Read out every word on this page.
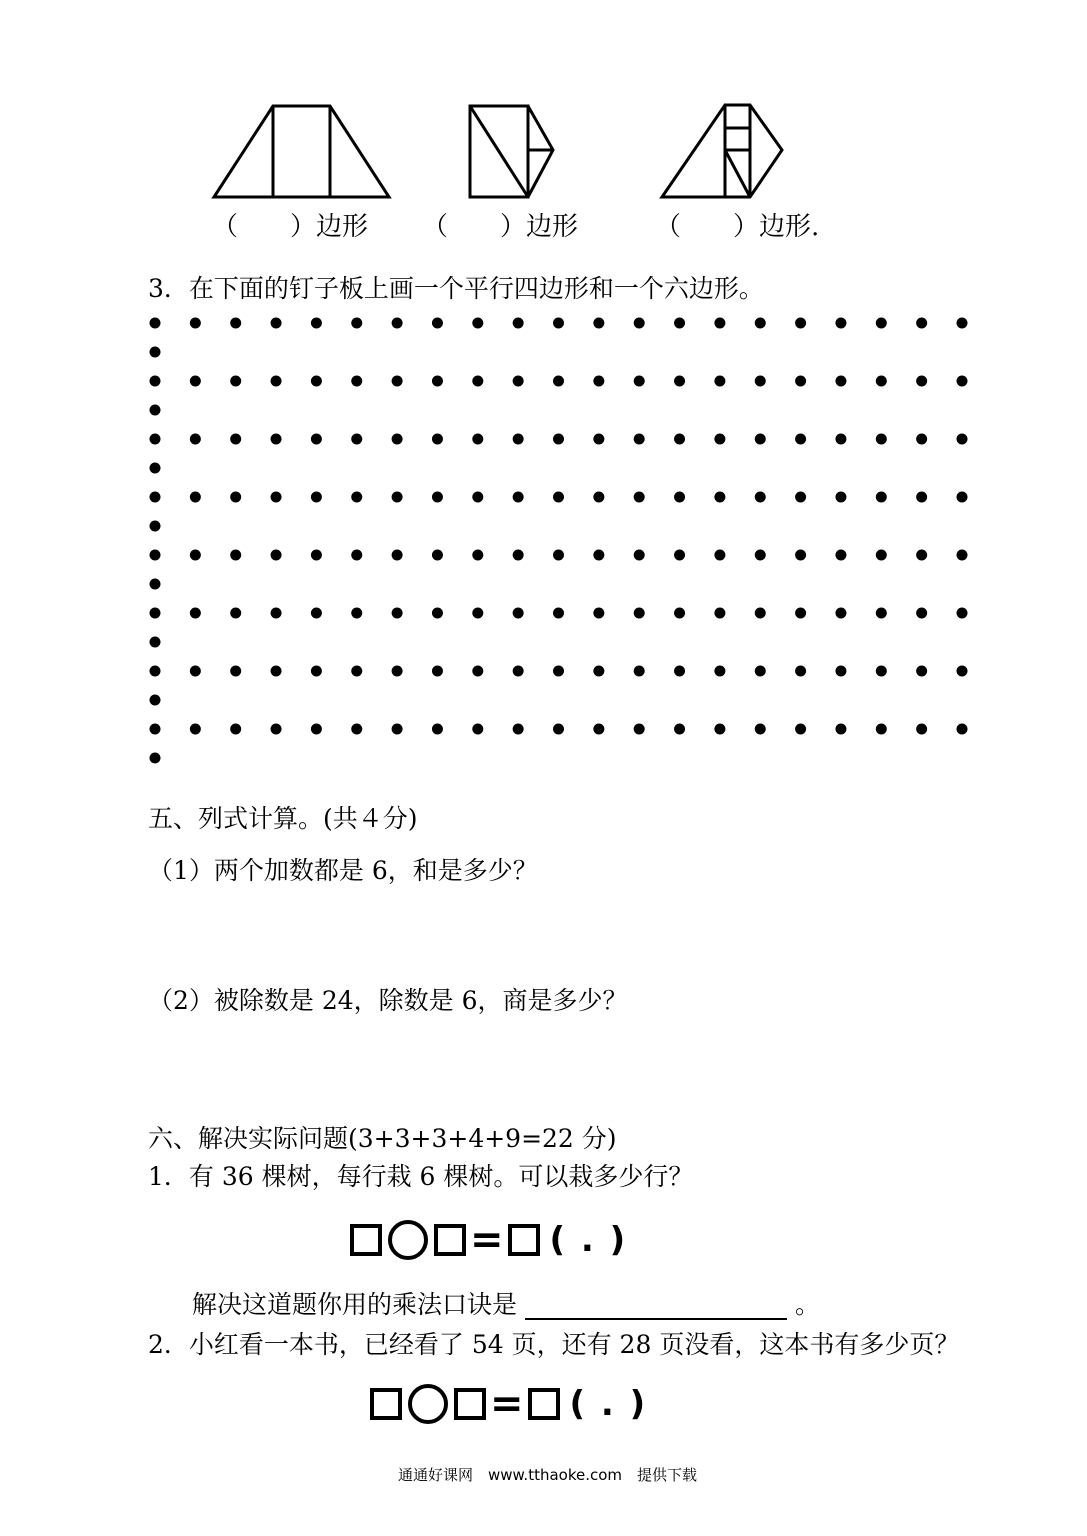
（　　）边形 （　　）边形	（　　）边形.
3．在下面的钉子板上画一个平行四边形和一个六边形。
五、列式计算。(共４分)
（1）两个加数都是 6，和是多少？
（2）被除数是 24，除数是 6，商是多少？
六、解决实际问题(3+3+3+4+9=22 分)
1．有 36 棵树，每行栽 6 棵树。可以栽多少行？
= ( . )
解决这道题你用的乘法口诀是	。
2．小红看一本书，已经看了 54 页，还有 28 页没看，这本书有多少页？
= ( . )
通通好课网　www.tthaoke.com　提供下载
